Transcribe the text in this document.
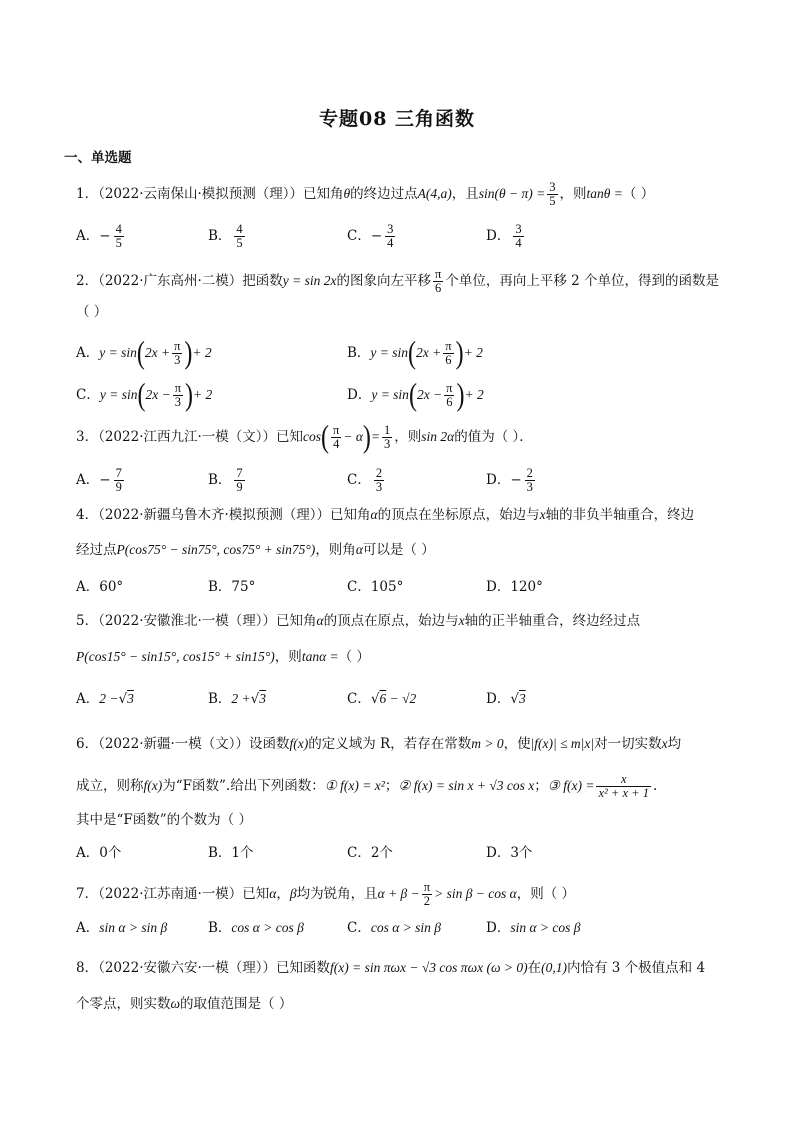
专题08 三角函数
一、单选题
1．（2022·云南保山·模拟预测（理））已知角θ的终边过点A(4,a)，且$\sin(\theta - \pi) = \frac{3}{5}$ ，则tanθ =（ ）
A．− $\frac{4}{5}$	B． $\frac{4}{5}$	C．− $\frac{3}{4}$	D． $\frac{3}{4}$
2．（2022·广东高州·二模）把函数y = sin 2x的图象向左平移 $\frac{\pi}{6}$ 个单位，再向上平移 2 个单位，得到的函数是
（ ）
A．$y = \sin(2x + \frac{\pi}{3}$ )+ 2	B．$y = \sin(2x + \frac{\pi}{6}$ )+ 2
C．$y = \sin(2x - \frac{\pi}{3}$ )+ 2	D．$y = \sin(2x - \frac{\pi}{6}$ )+ 2
3．（2022·江西九江·一模（文））已知$\cos( \frac{\pi}{4} - \alpha)= \frac{1}{3}$ ，则sin 2α的值为（ ）．
A．− $\frac{7}{9}$	B． $\frac{7}{9}$	C． $\frac{2}{3}$	D．− $\frac{2}{3}$
4．（2022·新疆乌鲁木齐·模拟预测（理））已知角α的顶点在坐标原点，始边与x轴的非负半轴重合，终边
经过点P(cos75° − sin75°, cos75° + sin75°)，则角α可以是（ ）
A．60°	B．75°	C．105°	D．120°
5．（2022·安徽淮北·一模（理））已知角α的顶点在原点，始边与x轴的正半轴重合，终边经过点
P(cos15° − sin15°, cos15° + sin15°)，则tanα =（ ）
A．2 −√3	B．2 +√3	C．√6 − √2	D．√3
6．（2022·新疆·一模（文））设函数f(x)的定义域为 R，若存在常数m > 0，使|f(x)| ≤ m|x|对一切实数x均
成立，则称f(x)为“F函数”.给出下列函数：① f(x) = x²；② f(x) = sin x + √3 cos x；③ $f(x) = \frac{x}{\text{x² + x + 1}}$ .
其中是“F函数”的个数为（ ）
A．0个	B．1个	C．2个	D．3个
7．（2022·江苏南通·一模）已知α，β均为锐角，且$\alpha + \beta - \frac{\pi}{2} > \sin \beta - \cos \alpha$，则（ ）
A．sin α > sin β	B．cos α > cos β	C．cos α > sin β	D．sin α > cos β
8．（2022·安徽六安·一模（理））已知函数f(x) = sin πωx − √3 cos πωx (ω > 0)在(0,1)内恰有 3 个极值点和 4
个零点，则实数ω的取值范围是（ ）
